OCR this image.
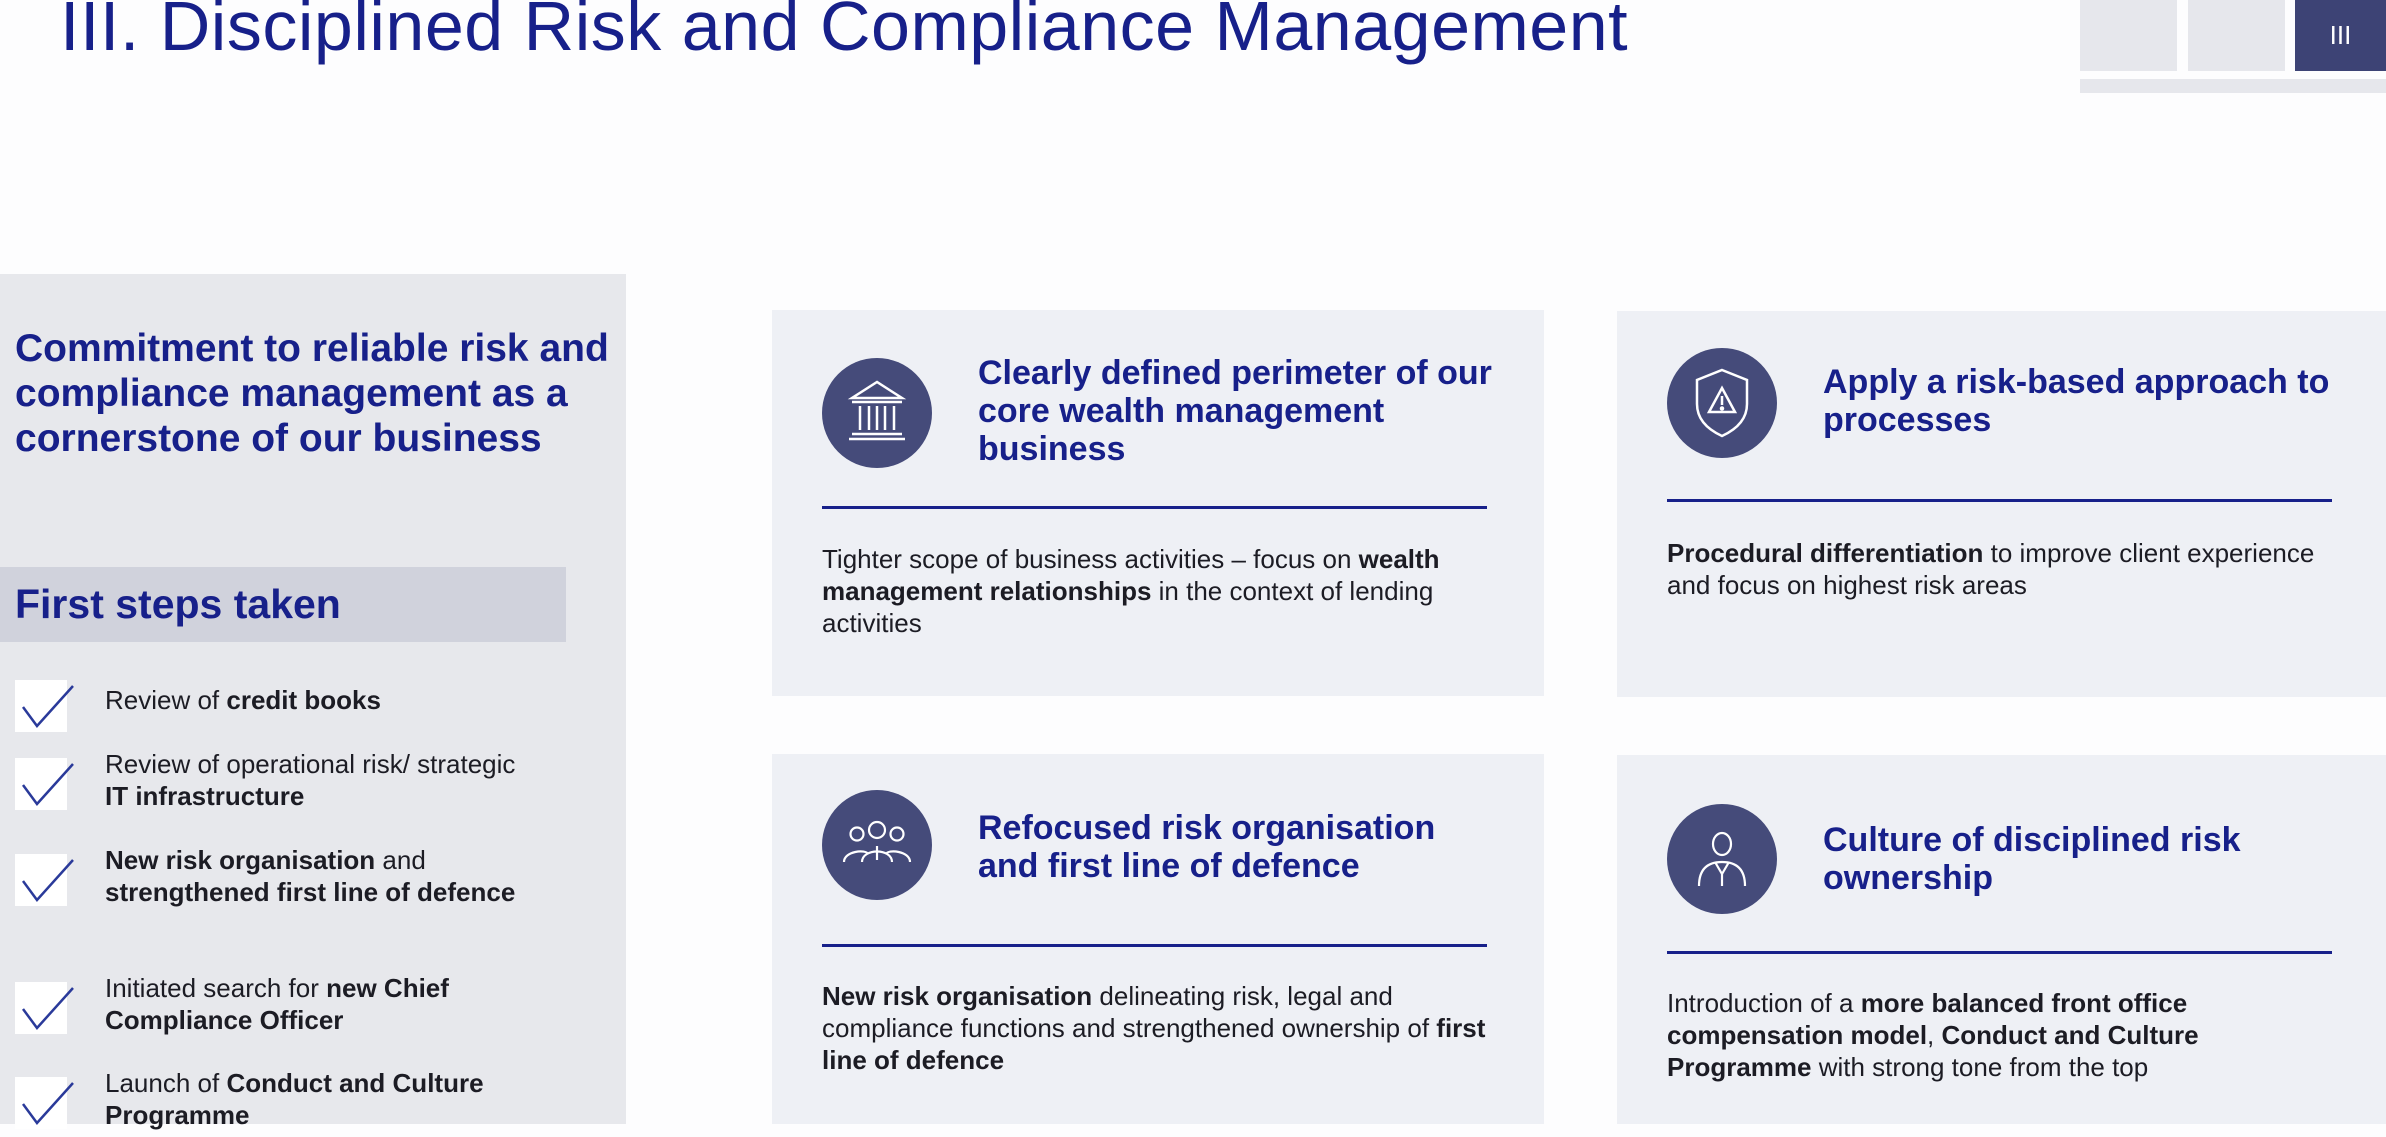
III. Disciplined Risk and Compliance Management	III
Commitment to reliable risk and compliance management as a cornerstone of our business
First steps taken
Review of credit books
Review of operational risk/ strategic IT infrastructure
New risk organisation and strengthened first line of defence
Initiated search for new Chief Compliance Officer
Launch of Conduct and Culture Programme
Clearly defined perimeter of our core wealth management business
Tighter scope of business activities – focus on wealth management relationships in the context of lending activities
Apply a risk-based approach to processes
Procedural differentiation to improve client experience and focus on highest risk areas
Refocused risk organisation and first line of defence
New risk organisation delineating risk, legal and compliance functions and strengthened ownership of first line of defence
Culture of disciplined risk ownership
Introduction of a more balanced front office compensation model, Conduct and Culture Programme with strong tone from the top
